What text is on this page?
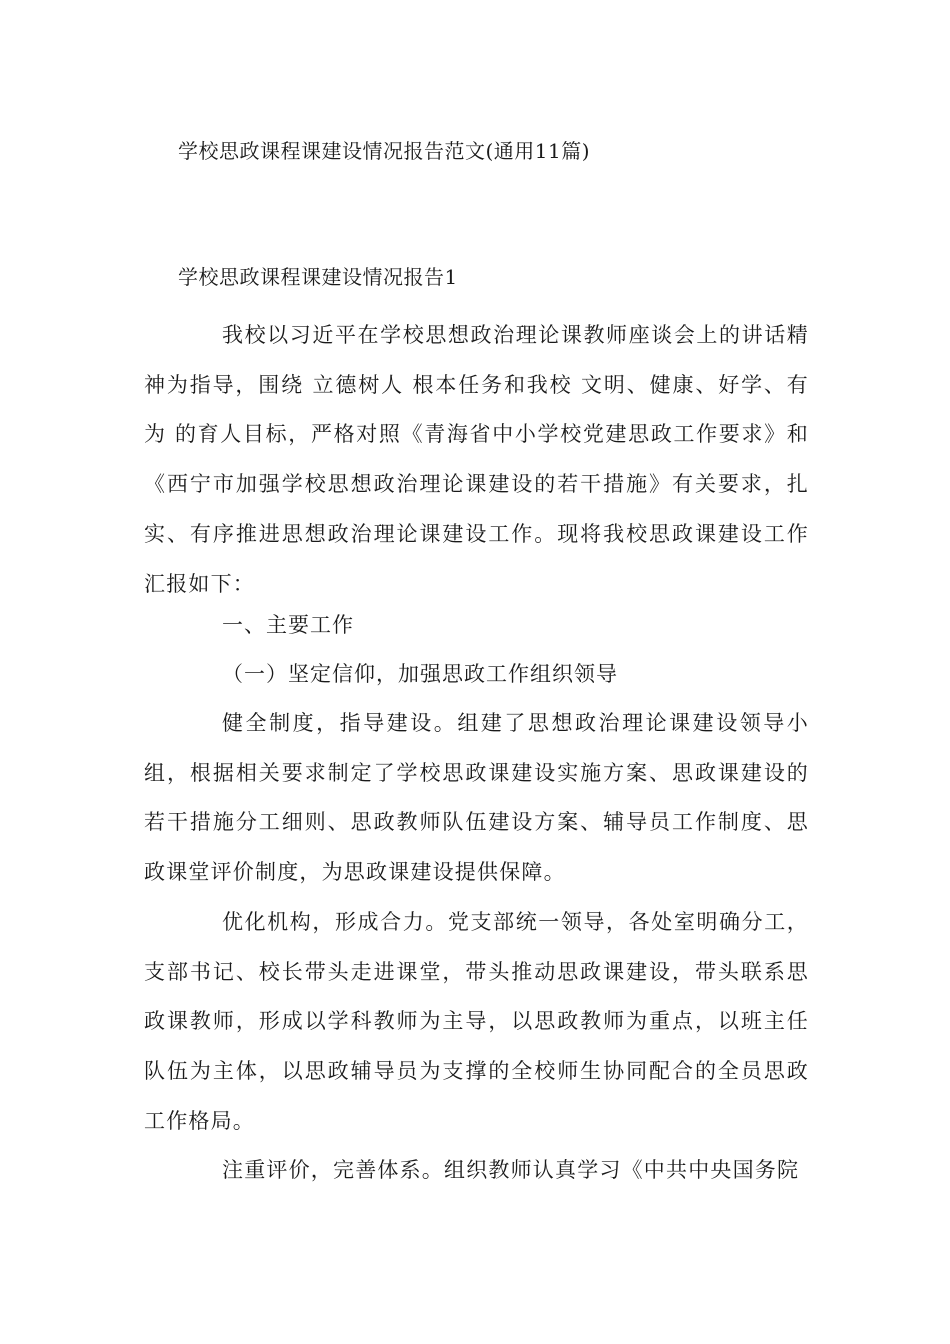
学校思政课程课建设情况报告范文(通用11篇)
学校思政课程课建设情况报告1

我校以习近平在学校思想政治理论课教师座谈会上的讲话精神为指导，围绕 立德树人 根本任务和我校 文明、健康、好学、有为 的育人目标，严格对照《青海省中小学校党建思政工作要求》和《西宁市加强学校思想政治理论课建设的若干措施》有关要求，扎实、有序推进思想政治理论课建设工作。现将我校思政课建设工作汇报如下：

一、主要工作
（一）坚定信仰，加强思政工作组织领导

健全制度，指导建设。组建了思想政治理论课建设领导小组，根据相关要求制定了学校思政课建设实施方案、思政课建设的若干措施分工细则、思政教师队伍建设方案、辅导员工作制度、思政课堂评价制度，为思政课建设提供保障。

优化机构，形成合力。党支部统一领导，各处室明确分工，支部书记、校长带头走进课堂，带头推动思政课建设，带头联系思政课教师，形成以学科教师为主导，以思政教师为重点，以班主任队伍为主体，以思政辅导员为支撑的全校师生协同配合的全员思政工作格局。

注重评价，完善体系。组织教师认真学习《中共中央国务院
